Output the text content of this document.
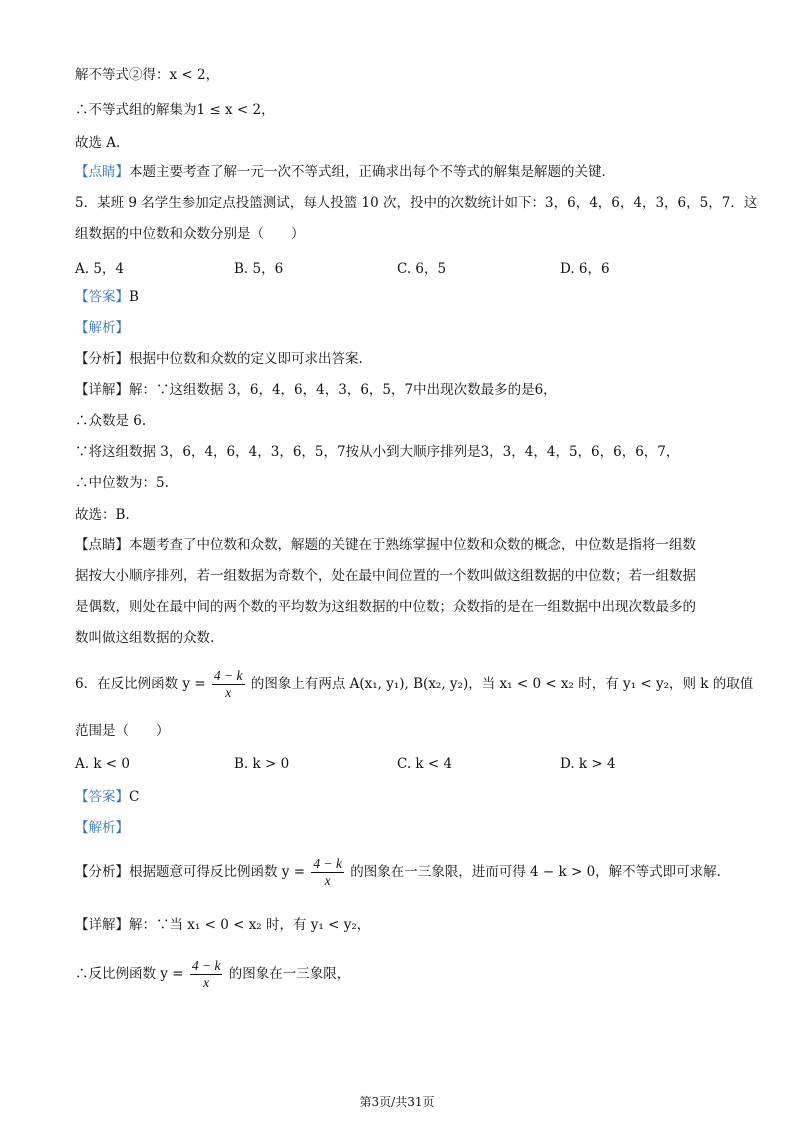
解不等式②得：x < 2，
∴不等式组的解集为1 ≤ x < 2，
故选 A．
【点睛】本题主要考查了解一元一次不等式组，正确求出每个不等式的解集是解题的关键．
5．某班 9 名学生参加定点投篮测试，每人投篮 10 次，投中的次数统计如下：3，6，4，6，4，3，6，5，7．这
组数据的中位数和众数分别是（　　）
A. 5，4	B. 5，6	C. 6，5	D. 6，6
【答案】B
【解析】
【分析】根据中位数和众数的定义即可求出答案.
【详解】解：∵这组数据 3，6，4，6，4，3，6，5，7中出现次数最多的是6，
∴众数是 6.
∵将这组数据 3，6，4，6，4，3，6，5，7按从小到大顺序排列是3，3，4，4，5，6，6，6，7，
∴中位数为：5.
故选：B.
【点睛】本题考查了中位数和众数，解题的关键在于熟练掌握中位数和众数的概念，中位数是指将一组数
据按大小顺序排列，若一组数据为奇数个，处在最中间位置的一个数叫做这组数据的中位数；若一组数据
是偶数，则处在最中间的两个数的平均数为这组数据的中位数；众数指的是在一组数据中出现次数最多的
数叫做这组数据的众数.
6．在反比例函数 $y = \frac{4 - k}{x}$ 的图象上有两点 A(x₁, y₁), B(x₂, y₂)，当 x₁ < 0 < x₂ 时，有 y₁ < y₂，则 k 的取值
范围是（　　）
A. k < 0	B. k > 0	C. k < 4	D. k > 4
【答案】C
【解析】
【分析】根据题意可得反比例函数 $y = \frac{4 - k}{x}$ 的图象在一三象限，进而可得 4 − k > 0，解不等式即可求解.
【详解】解：∵当 x₁ < 0 < x₂ 时，有 y₁ < y₂，
∴反比例函数 $y = \frac{4 - k}{x}$ 的图象在一三象限，
第3页/共31页
